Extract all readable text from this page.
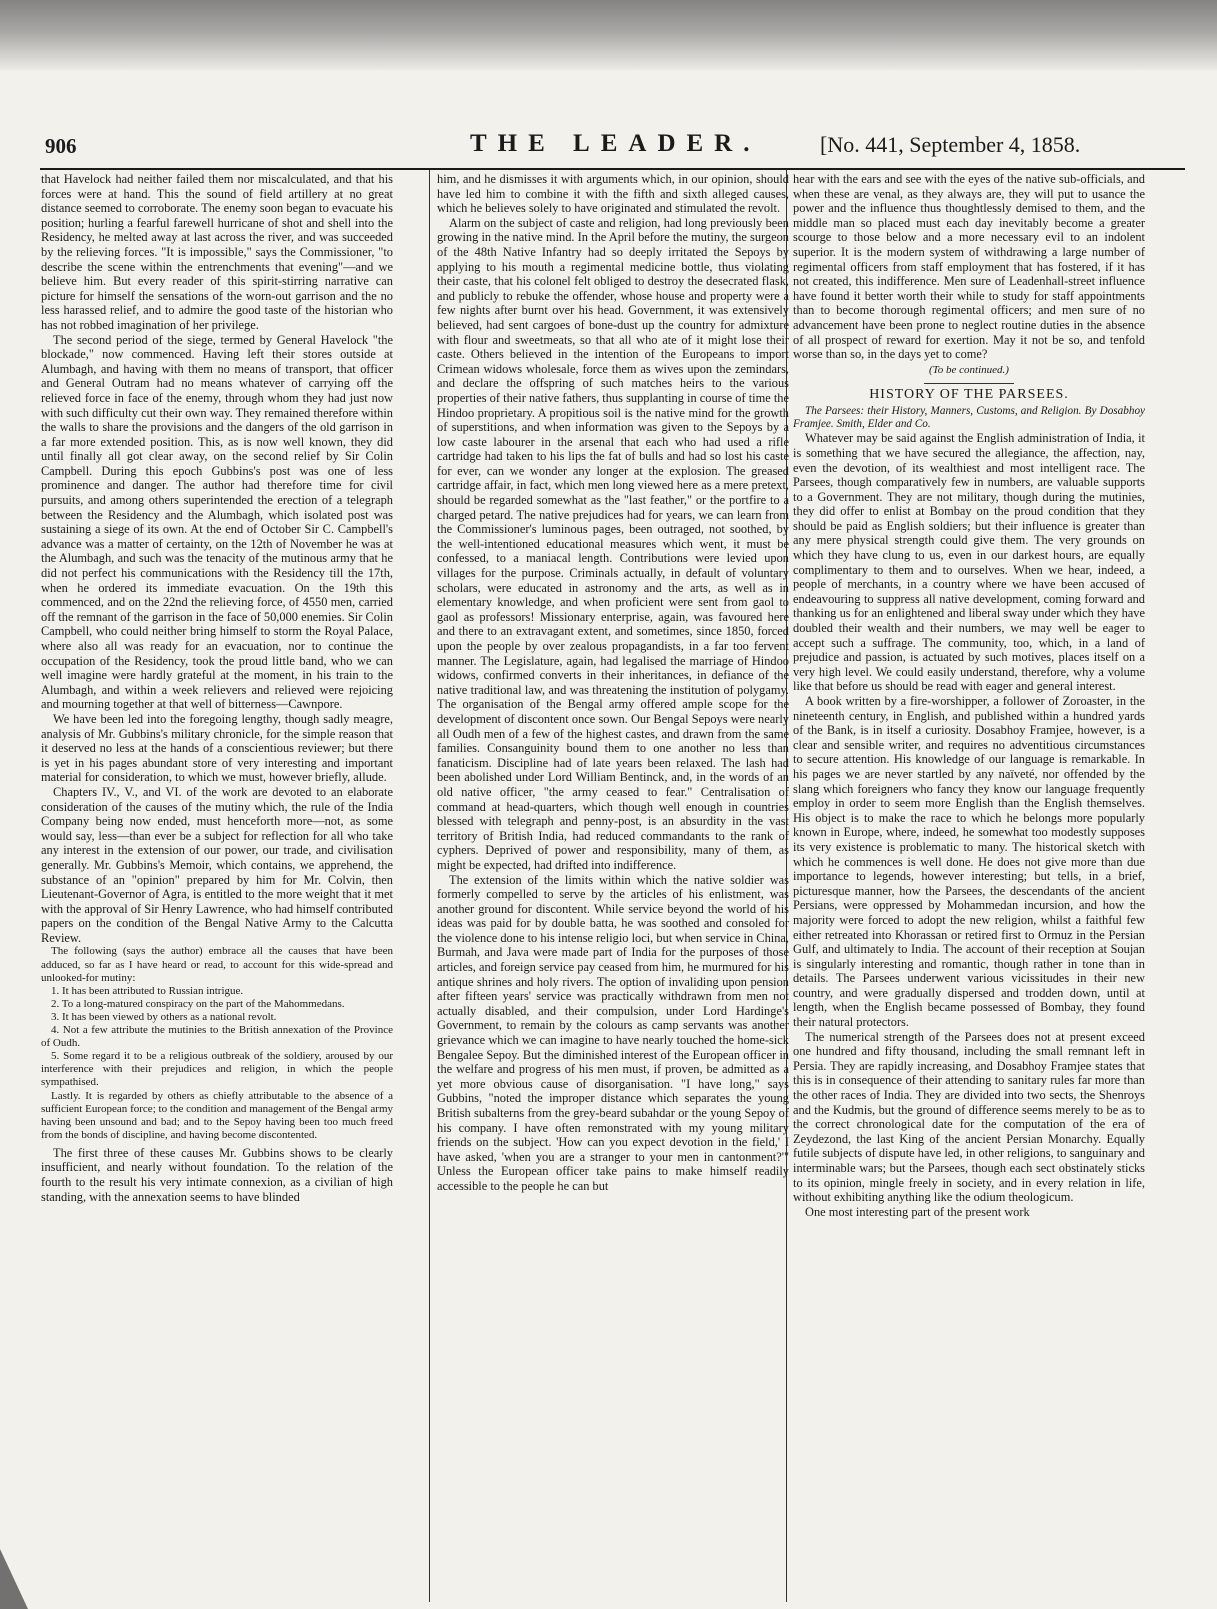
906	THE LEADER.	[No. 441, September 4, 1858.

that Havelock had neither failed them nor miscalculated, and that his forces were at hand. This the sound of field artillery at no great distance seemed to corroborate. The enemy soon began to evacuate his position; hurling a fearful farewell hurricane of shot and shell into the Residency, he melted away at last across the river, and was succeeded by the relieving forces. "It is impossible," says the Commissioner, "to describe the scene within the entrenchments that evening"—and we believe him. But every reader of this spirit-stirring narrative can picture for himself the sensations of the worn-out garrison and the no less harassed relief, and to admire the good taste of the historian who has not robbed imagination of her privilege.

The second period of the siege, termed by General Havelock "the blockade," now commenced. Having left their stores outside at Alumbagh, and having with them no means of transport, that officer and General Outram had no means whatever of carrying off the relieved force in face of the enemy, through whom they had just now with such difficulty cut their own way. They remained therefore within the walls to share the provisions and the dangers of the old garrison in a far more extended position. This, as is now well known, they did until finally all got clear away, on the second relief by Sir Colin Campbell. During this epoch Gubbins's post was one of less prominence and danger. The author had therefore time for civil pursuits, and among others superintended the erection of a telegraph between the Residency and the Alumbagh, which isolated post was sustaining a siege of its own. At the end of October Sir C. Campbell's advance was a matter of certainty, on the 12th of November he was at the Alumbagh, and such was the tenacity of the mutinous army that he did not perfect his communications with the Residency till the 17th, when he ordered its immediate evacuation. On the 19th this commenced, and on the 22nd the relieving force, of 4550 men, carried off the remnant of the garrison in the face of 50,000 enemies. Sir Colin Campbell, who could neither bring himself to storm the Royal Palace, where also all was ready for an evacuation, nor to continue the occupation of the Residency, took the proud little band, who we can well imagine were hardly grateful at the moment, in his train to the Alumbagh, and within a week relievers and relieved were rejoicing and mourning together at that well of bitterness—Cawnpore.

We have been led into the foregoing lengthy, though sadly meagre, analysis of Mr. Gubbins's military chronicle, for the simple reason that it deserved no less at the hands of a conscientious reviewer; but there is yet in his pages abundant store of very interesting and important material for consideration, to which we must, however briefly, allude.

Chapters IV., V., and VI. of the work are devoted to an elaborate consideration of the causes of the mutiny which, the rule of the India Company being now ended, must henceforth more—not, as some would say, less—than ever be a subject for reflection for all who take any interest in the extension of our power, our trade, and civilisation generally. Mr. Gubbins's Memoir, which contains, we apprehend, the substance of an "opinion" prepared by him for Mr. Colvin, then Lieutenant-Governor of Agra, is entitled to the more weight that it met with the approval of Sir Henry Lawrence, who had himself contributed papers on the condition of the Bengal Native Army to the Calcutta Review.

The following (says the author) embrace all the causes that have been adduced, so far as I have heard or read, to account for this wide-spread and unlooked-for mutiny:

1. It has been attributed to Russian intrigue.

2. To a long-matured conspiracy on the part of the Mahommedans.

3. It has been viewed by others as a national revolt.

4. Not a few attribute the mutinies to the British annexation of the Province of Oudh.

5. Some regard it to be a religious outbreak of the soldiery, aroused by our interference with their prejudices and religion, in which the people sympathised.

Lastly. It is regarded by others as chiefly attributable to the absence of a sufficient European force; to the condition and management of the Bengal army having been unsound and bad; and to the Sepoy having been too much freed from the bonds of discipline, and having become discontented.

The first three of these causes Mr. Gubbins shows to be clearly insufficient, and nearly without foundation. To the relation of the fourth to the result his very intimate connexion, as a civilian of high standing, with the annexation seems to have blinded

him, and he dismisses it with arguments which, in our opinion, should have led him to combine it with the fifth and sixth alleged causes, which he believes solely to have originated and stimulated the revolt.

Alarm on the subject of caste and religion, had long previously been growing in the native mind. In the April before the mutiny, the surgeon of the 48th Native Infantry had so deeply irritated the Sepoys by applying to his mouth a regimental medicine bottle, thus violating their caste, that his colonel felt obliged to destroy the desecrated flask, and publicly to rebuke the offender, whose house and property were a few nights after burnt over his head. Government, it was extensively believed, had sent cargoes of bone-dust up the country for admixture with flour and sweetmeats, so that all who ate of it might lose their caste. Others believed in the intention of the Europeans to import Crimean widows wholesale, force them as wives upon the zemindars, and declare the offspring of such matches heirs to the various properties of their native fathers, thus supplanting in course of time the Hindoo proprietary. A propitious soil is the native mind for the growth of superstitions, and when information was given to the Sepoys by a low caste labourer in the arsenal that each who had used a rifle cartridge had taken to his lips the fat of bulls and had so lost his caste for ever, can we wonder any longer at the explosion. The greased cartridge affair, in fact, which men long viewed here as a mere pretext, should be regarded somewhat as the "last feather," or the portfire to a charged petard. The native prejudices had for years, we can learn from the Commissioner's luminous pages, been outraged, not soothed, by the well-intentioned educational measures which went, it must be confessed, to a maniacal length. Contributions were levied upon villages for the purpose. Criminals actually, in default of voluntary scholars, were educated in astronomy and the arts, as well as in elementary knowledge, and when proficient were sent from gaol to gaol as professors! Missionary enterprise, again, was favoured here and there to an extravagant extent, and sometimes, since 1850, forced upon the people by over zealous propagandists, in a far too fervent manner. The Legislature, again, had legalised the marriage of Hindoo widows, confirmed converts in their inheritances, in defiance of the native traditional law, and was threatening the institution of polygamy. The organisation of the Bengal army offered ample scope for the development of discontent once sown. Our Bengal Sepoys were nearly all Oudh men of a few of the highest castes, and drawn from the same families. Consanguinity bound them to one another no less than fanaticism. Discipline had of late years been relaxed. The lash had been abolished under Lord William Bentinck, and, in the words of an old native officer, "the army ceased to fear." Centralisation of command at head-quarters, which though well enough in countries blessed with telegraph and penny-post, is an absurdity in the vast territory of British India, had reduced commandants to the rank of cyphers. Deprived of power and responsibility, many of them, as might be expected, had drifted into indifference.

The extension of the limits within which the native soldier was formerly compelled to serve by the articles of his enlistment, was another ground for discontent. While service beyond the world of his ideas was paid for by double batta, he was soothed and consoled for the violence done to his intense religio loci, but when service in China, Burmah, and Java were made part of India for the purposes of those articles, and foreign service pay ceased from him, he murmured for his antique shrines and holy rivers. The option of invaliding upon pension after fifteen years' service was practically withdrawn from men not actually disabled, and their compulsion, under Lord Hardinge's Government, to remain by the colours as camp servants was another grievance which we can imagine to have nearly touched the home-sick Bengalee Sepoy. But the diminished interest of the European officer in the welfare and progress of his men must, if proven, be admitted as a yet more obvious cause of disorganisation. "I have long," says Gubbins, "noted the improper distance which separates the young British subalterns from the grey-beard subahdar or the young Sepoy of his company. I have often remonstrated with my young military friends on the subject. 'How can you expect devotion in the field,' I have asked, 'when you are a stranger to your men in cantonment?'" Unless the European officer take pains to make himself readily accessible to the people he can but

hear with the ears and see with the eyes of the native sub-officials, and when these are venal, as they always are, they will put to usance the power and the influence thus thoughtlessly demised to them, and the middle man so placed must each day inevitably become a greater scourge to those below and a more necessary evil to an indolent superior. It is the modern system of withdrawing a large number of regimental officers from staff employment that has fostered, if it has not created, this indifference. Men sure of Leadenhall-street influence have found it better worth their while to study for staff appointments than to become thorough regimental officers; and men sure of no advancement have been prone to neglect routine duties in the absence of all prospect of reward for exertion. May it not be so, and tenfold worse than so, in the days yet to come?

(To be continued.)
HISTORY OF THE PARSEES.

The Parsees: their History, Manners, Customs, and Religion. By Dosabhoy Framjee. Smith, Elder and Co.

Whatever may be said against the English administration of India, it is something that we have secured the allegiance, the affection, nay, even the devotion, of its wealthiest and most intelligent race. The Parsees, though comparatively few in numbers, are valuable supports to a Government. They are not military, though during the mutinies, they did offer to enlist at Bombay on the proud condition that they should be paid as English soldiers; but their influence is greater than any mere physical strength could give them. The very grounds on which they have clung to us, even in our darkest hours, are equally complimentary to them and to ourselves. When we hear, indeed, a people of merchants, in a country where we have been accused of endeavouring to suppress all native development, coming forward and thanking us for an enlightened and liberal sway under which they have doubled their wealth and their numbers, we may well be eager to accept such a suffrage. The community, too, which, in a land of prejudice and passion, is actuated by such motives, places itself on a very high level. We could easily understand, therefore, why a volume like that before us should be read with eager and general interest.

A book written by a fire-worshipper, a follower of Zoroaster, in the nineteenth century, in English, and published within a hundred yards of the Bank, is in itself a curiosity. Dosabhoy Framjee, however, is a clear and sensible writer, and requires no adventitious circumstances to secure attention. His knowledge of our language is remarkable. In his pages we are never startled by any naïveté, nor offended by the slang which foreigners who fancy they know our language frequently employ in order to seem more English than the English themselves. His object is to make the race to which he belongs more popularly known in Europe, where, indeed, he somewhat too modestly supposes its very existence is problematic to many. The historical sketch with which he commences is well done. He does not give more than due importance to legends, however interesting; but tells, in a brief, picturesque manner, how the Parsees, the descendants of the ancient Persians, were oppressed by Mohammedan incursion, and how the majority were forced to adopt the new religion, whilst a faithful few either retreated into Khorassan or retired first to Ormuz in the Persian Gulf, and ultimately to India. The account of their reception at Soujan is singularly interesting and romantic, though rather in tone than in details. The Parsees underwent various vicissitudes in their new country, and were gradually dispersed and trodden down, until at length, when the English became possessed of Bombay, they found their natural protectors.

The numerical strength of the Parsees does not at present exceed one hundred and fifty thousand, including the small remnant left in Persia. They are rapidly increasing, and Dosabhoy Framjee states that this is in consequence of their attending to sanitary rules far more than the other races of India. They are divided into two sects, the Shenroys and the Kudmis, but the ground of difference seems merely to be as to the correct chronological date for the computation of the era of Zeydezond, the last King of the ancient Persian Monarchy. Equally futile subjects of dispute have led, in other religions, to sanguinary and interminable wars; but the Parsees, though each sect obstinately sticks to its opinion, mingle freely in society, and in every relation in life, without exhibiting anything like the odium theologicum.

One most interesting part of the present work
